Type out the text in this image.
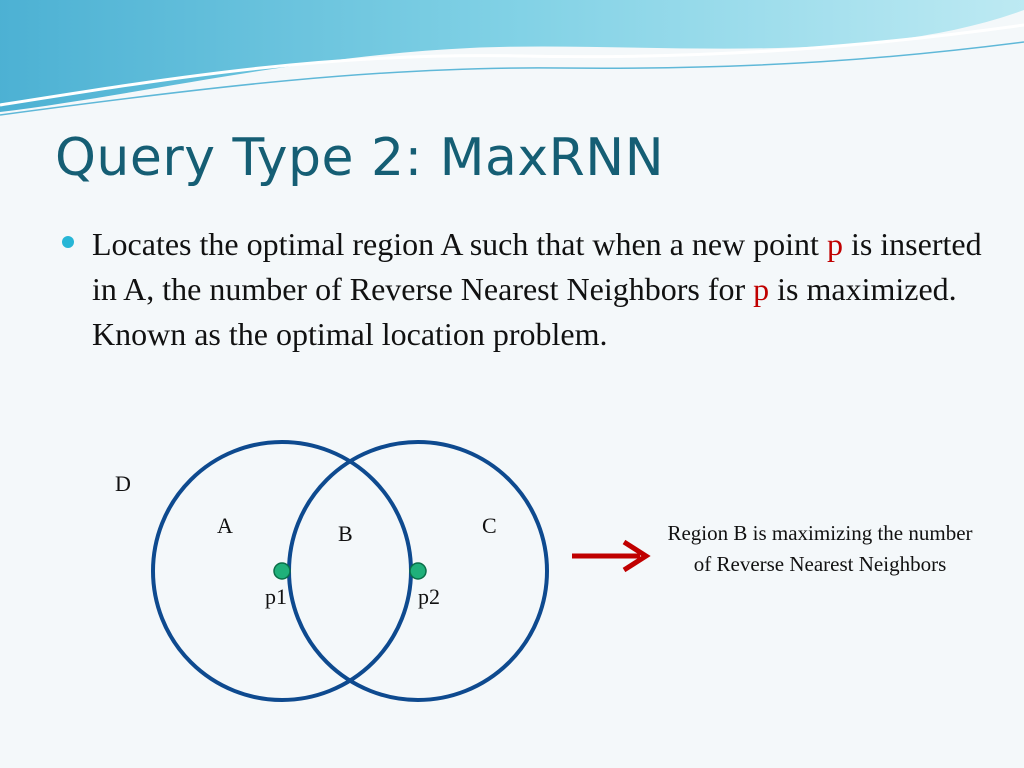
Query Type 2: MaxRNN

Locates the optimal region A such that when a new point p is inserted in A, the number of Reverse Nearest Neighbors for p is maximized. Known as the optimal location problem.

D
A	B	C
p1	p2
Region B is maximizing the number of Reverse Nearest Neighbors
